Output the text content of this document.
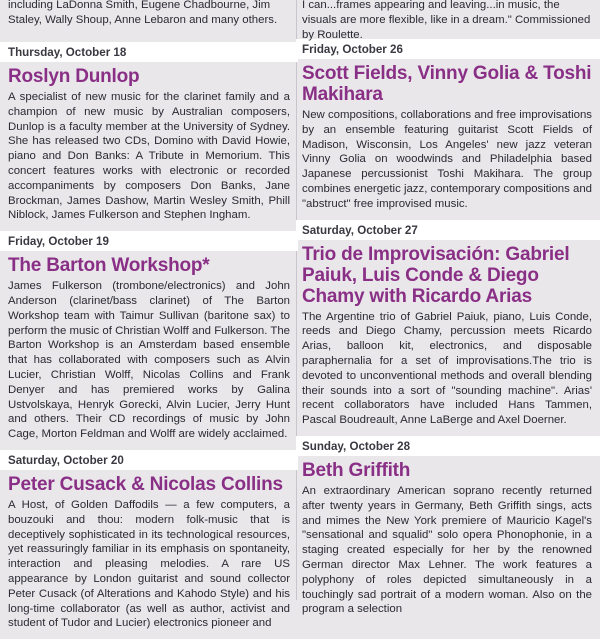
including LaDonna Smith, Eugene Chadbourne, Jim Staley, Wally Shoup, Anne Lebaron and many others.

Thursday, October 18
Roslyn Dunlop

A specialist of new music for the clarinet family and a champion of new music by Australian composers, Dunlop is a faculty member at the University of Sydney. She has released two CDs, Domino with David Howie, piano and Don Banks: A Tribute in Memorium. This concert features works with electronic or recorded accompaniments by composers Don Banks, Jane Brockman, James Dashow, Martin Wesley Smith, Phill Niblock, James Fulkerson and Stephen Ingham.

Friday, October 19
The Barton Workshop*

James Fulkerson (trombone/electronics) and John Anderson (clarinet/bass clarinet) of The Barton Workshop team with Taimur Sullivan (baritone sax) to perform the music of Christian Wolff and Fulkerson. The Barton Workshop is an Amsterdam based ensemble that has collaborated with composers such as Alvin Lucier, Christian Wolff, Nicolas Collins and Frank Denyer and has premiered works by Galina Ustvolskaya, Henryk Gorecki, Alvin Lucier, Jerry Hunt and others. Their CD recordings of music by John Cage, Morton Feldman and Wolff are widely acclaimed.

Saturday, October 20
Peter Cusack & Nicolas Collins

A Host, of Golden Daffodils — a few computers, a bouzouki and thou: modern folk-music that is deceptively sophisticated in its technological resources, yet reassuringly familiar in its emphasis on spontaneity, interaction and pleasing melodies. A rare US appearance by London guitarist and sound collector Peter Cusack (of Alterations and Kahodo Style) and his long-time collaborator (as well as author, activist and student of Tudor and Lucier) electronics pioneer and

I can...frames appearing and leaving...in music, the visuals are more flexible, like in a dream." Commissioned by Roulette.

Friday, October 26
Scott Fields, Vinny Golia & Toshi Makihara

New compositions, collaborations and free improvisations by an ensemble featuring guitarist Scott Fields of Madison, Wisconsin, Los Angeles' new jazz veteran Vinny Golia on woodwinds and Philadelphia based Japanese percussionist Toshi Makihara. The group combines energetic jazz, contemporary compositions and "abstruct" free improvised music.

Saturday, October 27
Trio de Improvisación: Gabriel Paiuk, Luis Conde & Diego Chamy with Ricardo Arias

The Argentine trio of Gabriel Paiuk, piano, Luis Conde, reeds and Diego Chamy, percussion meets Ricardo Arias, balloon kit, electronics, and disposable paraphernalia for a set of improvisations.The trio is devoted to unconventional methods and overall blending their sounds into a sort of "sounding machine". Arias' recent collaborators have included Hans Tammen, Pascal Boudreault, Anne LaBerge and Axel Doerner.

Sunday, October 28
Beth Griffith

An extraordinary American soprano recently returned after twenty years in Germany, Beth Griffith sings, acts and mimes the New York premiere of Mauricio Kagel's "sensational and squalid" solo opera Phonophonie, in a staging created especially for her by the renowned German director Max Lehner. The work features a polyphony of roles depicted simultaneously in a touchingly sad portrait of a modern woman. Also on the program a selection
